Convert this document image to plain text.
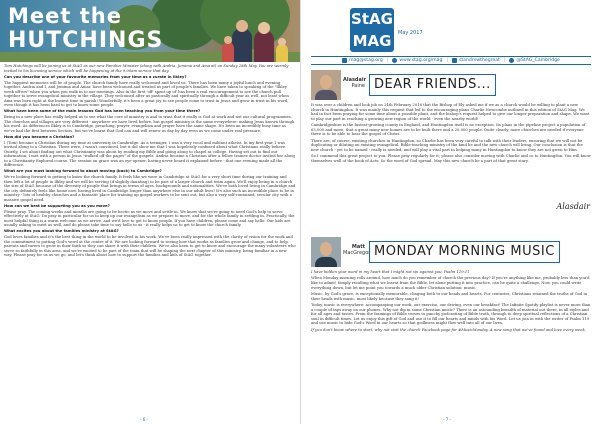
Meet the
HUTCHINGS

Tom Hutchings will be joining us at StAG as our new Families Minister (along with Andria, Jemima and Ama at) on Sunday 28th May. You are warmly invited to his licensing service which will be happening at the 9.00am service that day.

Can you describe one of your favourite memories from your time as a curate in Ilkley?

The happiest memories will be of people. The church family have really welcomed and loved us. There has been many a joyful lunch and evening together. Andria and I, and Jemima and Amar, have been welcomed and treated as part of people's families. We have taken to speaking of the "Ilkley week off-ers" when you when you walk in to our meetings. Also in the first 'off' spent up of' has been a real encouragement to see the church pull together to serve evangelical ministry in the village. They welcomed after us pastorally and spiritually through a difficult year as well, not least when Ama was born right at the busiest time in parish! Wonderfully, it's been a great joy to see people come to trust in Jesus and grow in trust in his word, even though it has been hard to get to know some people.

What have been some of the main lessons God has been teaching you from your time there?

Being in a new place has really helped us to see what the core of ministry is and to trust that it really is God at work and not our cultural programmes. The churches and villages are very different - anywhere we have lived before, but gospel ministry is the same everywhere: making Jesus known through his word. As differences Ilkley is to Cambridge, preaching, prayer, evangelism and prayer have the same shape. It's been an incredibly busy time as we've had the first between Sectors, but we've learnt that God can and will renew us day by day even as we come under real pressure.

How did you become a Christian?

I (Tom) became a Christian during my time at university in Cambridge. As a teenager, I was a very vocal and militant atheist. In my first year, I was invited along to a Christian. There were, I wasn't convinced, but it did show me that I was hopelessly confused about what Christians really believe. Quietly, I set about finding out what Christianity was about by reading my Bible and going along to chapel at college. Having set out to find out information, I met with a person in Jesus "walked off the pages" of the gospels. Andria became a Christian after a fellow trainee doctor invited her along to a Christianity Explored course. The session on grace was an eye-opener, having never heard it explained before - that one evening made all the difference.

What are you most looking forward to about moving (back) to Cambridge?

We're looking forward to getting to know the church family. It feels like we were in Cambridge at StAG for a very short time during our training and then left a lot of people in Ilkley and we will be serving (if slightly daunting) to be part of a larger church and team again. We'll enjoy being in a church the size of StAG because of the diversity of people that brings in terms of ages, backgrounds and nationalities. We've both loved living in Cambridge and the city definitely feels like home now, having lived in Cambridge longer than anywhere else in our adult lives! It's also such an incredible place to be in ministry - lots of healthy churches and a fantastic place for training up gospel workers to be sent out, but also a very self-contained, secular city with a massive gospel need.

How can we best be supporting you as you move?

Please pray. The coming weeks and months are going to be hectic as we move and settle in. We know that we're going to need God's help to serve effectively at StAG. Do pray in particular for us to keep up our evangelism as we prepare to move, and for the whole family in settling in. Practically, the most helpful thing is a warm welcome as we arrive, and we'd love to get to know people. If you have children, please come and say hello. Our kids are usually asking to meet as well, and do please take time to say hello to us - it really helps us to get to know the church family.

What excites you about the families ministry at StAG?

God loves families and it's the best thing in the world to be involved in his work. We've been really impressed with the clarity of vision for the work and the commitment to putting God's word at the centre of it. We are looking forward to seeing how that works as families grow and change, and to help parents and carers to grow in their faith so they can share it with their children. We're also keen to get to know and encourage the many volunteers who serve so faithfully in this area, and we're excited to be part of the team that will be shaping the next chapter of this ministry, being familiar in a new way. Please pray for us as we go, and let's think about how to support the families and kids of StAG together.

- 6 -
StAG
MAG	May 2017
mag@stag.org | www.stag.org/mag | standrewthegreat | @StAG_Cambridge
Alasdair
Paine DEAR FRIENDS...

It was over a children and look job on 24th February 2016 that the Bishop of Ely asked me if we as a church would be willing to plant a new church in Huntingdon. It was mainly this request that led to the encouraging plans Charlie Newcombe outlined in this edition of StAG Mag. We had in fact been praying for some time about a possible plant, and the bishop's request helped to give our longer preparation and shape. We want to play our part in reaching a growing new region of the world - even the nearby world!

Cambridgeshire is the fastest-growing county in England, and Huntingdon itself is no exception. Its plans in the pipeline project a population of 65,000 and more, that a great many new homes are to be built there and a 20,000 people. Quite clearly, more churches are needed if everyone there is to be able to hear the gospel of Christ.

There are, of course, existing churches in Huntingdon, so Charlie has been very careful to talk with their leaders, ensuring that we will not be duplicating or diluting an existing evangelical, Bible-teaching ministry of the kind he and the new church will bring. Our conclusion is that the new church - yet to be named - really is needed, and will play a vital part in helping many in Huntingdon to know they are not given to Him.

So I commend this great project to you. Please pray regularly for it; please also consider moving with Charlie and co to Huntingdon. You will know themselves well of the book of Acts: So the word of God spread. May this new church be a part of that great story.

Alasdair
Matt
MacGregor MONDAY MORNING MUSIC

I have hidden your word in my heart that I might not sin against you. Psalm 119:11

When Monday morning rolls around, how much do you remember of church the previous day? If you're anything like me, probably less than you'd like to admit! Simply recalling what we learnt from the Bible, let alone putting it into practice, can be quite a challenge. Now, you could write everything down, but let me point you towards a much older Christian solution: music.

Music, by God's grace, is exceptionally memorable, clinging both to our heads and hearts. For centuries, Christians retained the truths of God in their heads with music, most likely because they sang it!

Today, music is everywhere: accompanying our work, our exercise, our driving, even our breakfast! The Infinite Spotify playlist is never more than a couple of taps away on our phones. Why not dip in some Christian music? There is an astounding breadth of material out there, in all styles and for all ages and tastes. From the framings of Bible verses to punchy podcasting of Bible truth, through to deep spiritual reflections of a Christian soul in difficult times. Let us enjoy this gift of God and use it to fill our hearts and minds with his Word. Let us join in with the writer of Psalm 119 and use music to hide God's Word in our hearts so that godliness might flow well into all of our lives.

If you don't know where to start, why not visit the church Facebook page for #MusicMonday. A new song that we've found and love every week.

- 7 -
